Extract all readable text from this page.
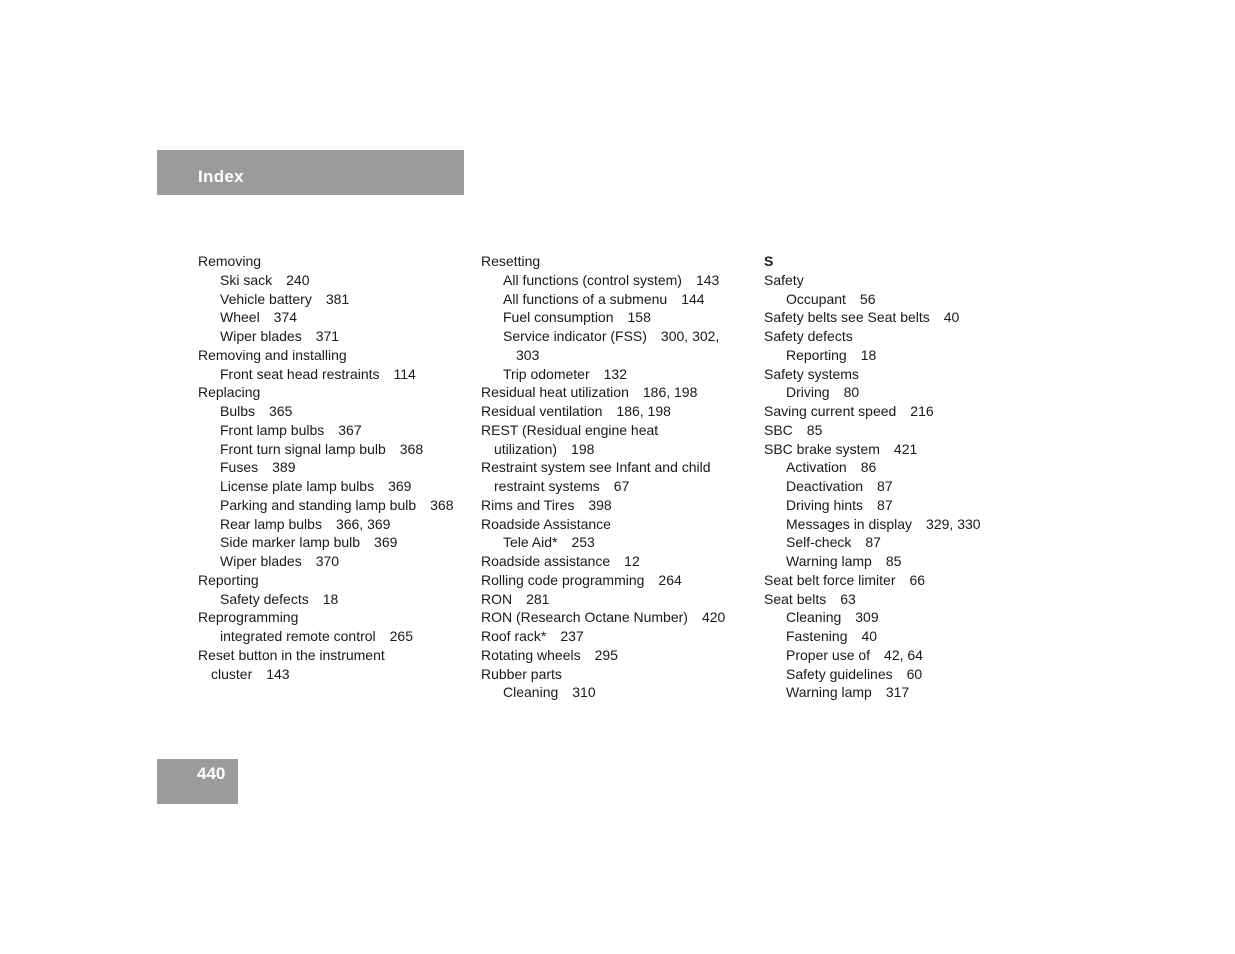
Index
Removing
Ski sack 240
Vehicle battery 381
Wheel 374
Wiper blades 371
Removing and installing
Front seat head restraints 114
Replacing
Bulbs 365
Front lamp bulbs 367
Front turn signal lamp bulb 368
Fuses 389
License plate lamp bulbs 369
Parking and standing lamp bulb 368
Rear lamp bulbs 366, 369
Side marker lamp bulb 369
Wiper blades 370
Reporting
Safety defects 18
Reprogramming
integrated remote control 265
Reset button in the instrument
cluster 143
Resetting
All functions (control system) 143
All functions of a submenu 144
Fuel consumption 158
Service indicator (FSS) 300, 302,
303
Trip odometer 132
Residual heat utilization 186, 198
Residual ventilation 186, 198
REST (Residual engine heat
utilization) 198
Restraint system see Infant and child
restraint systems 67
Rims and Tires 398
Roadside Assistance
Tele Aid* 253
Roadside assistance 12
Rolling code programming 264
RON 281
RON (Research Octane Number) 420
Roof rack* 237
Rotating wheels 295
Rubber parts
Cleaning 310
S
Safety
Occupant 56
Safety belts see Seat belts 40
Safety defects
Reporting 18
Safety systems
Driving 80
Saving current speed 216
SBC 85
SBC brake system 421
Activation 86
Deactivation 87
Driving hints 87
Messages in display 329, 330
Self-check 87
Warning lamp 85
Seat belt force limiter 66
Seat belts 63
Cleaning 309
Fastening 40
Proper use of 42, 64
Safety guidelines 60
Warning lamp 317
440
